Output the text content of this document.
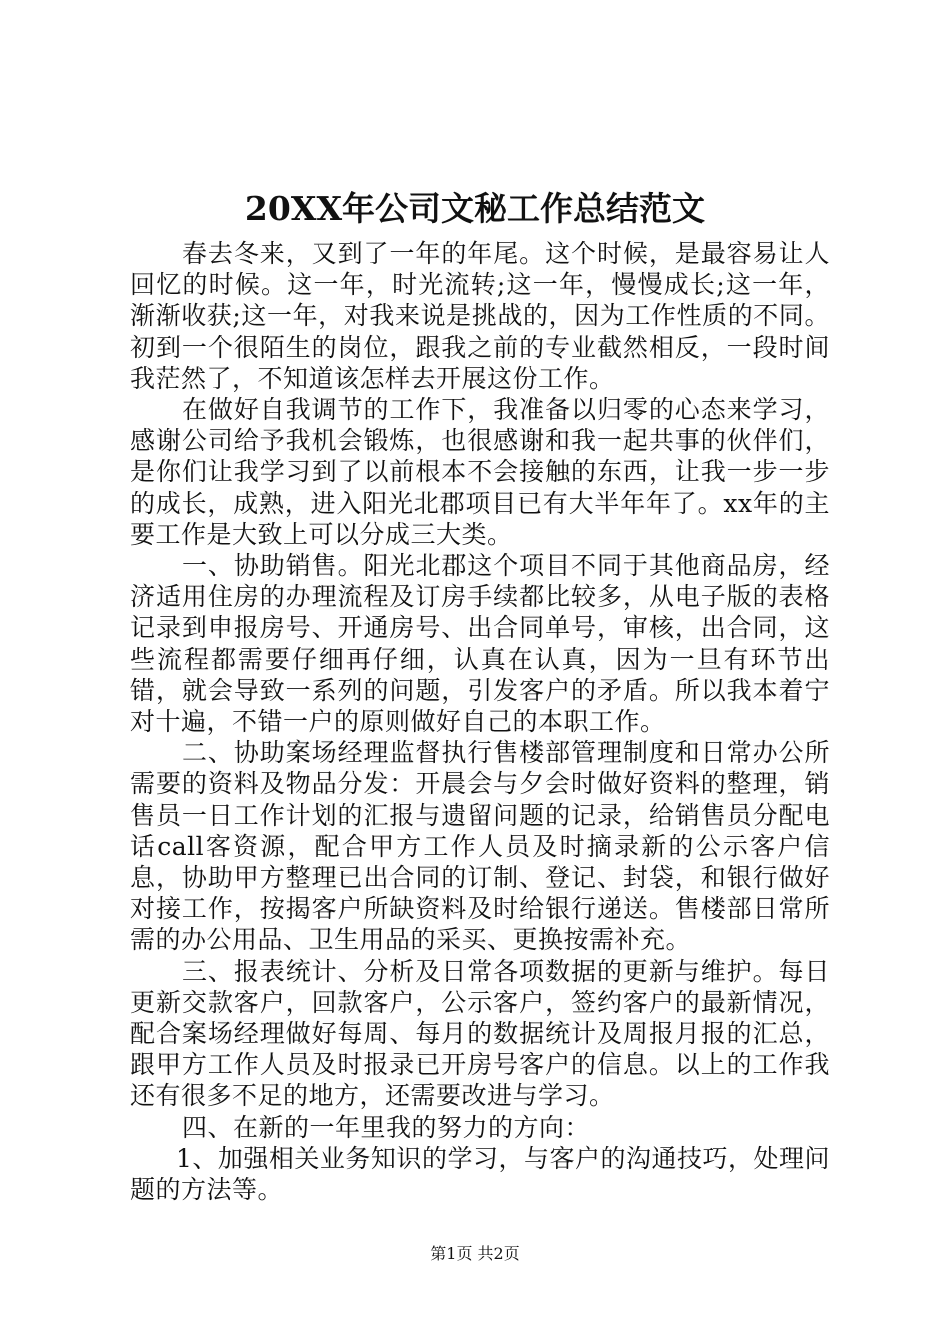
20XX年公司文秘工作总结范文

春去冬来，又到了一年的年尾。这个时候，是最容易让人回忆的时候。这一年，时光流转;这一年，慢慢成长;这一年，渐渐收获;这一年，对我来说是挑战的，因为工作性质的不同。初到一个很陌生的岗位，跟我之前的专业截然相反，一段时间我茫然了，不知道该怎样去开展这份工作。

在做好自我调节的工作下，我准备以归零的心态来学习，感谢公司给予我机会锻炼，也很感谢和我一起共事的伙伴们，是你们让我学习到了以前根本不会接触的东西，让我一步一步的成长，成熟，进入阳光北郡项目已有大半年年了。xx年的主要工作是大致上可以分成三大类。

一、协助销售。阳光北郡这个项目不同于其他商品房，经济适用住房的办理流程及订房手续都比较多，从电子版的表格记录到申报房号、开通房号、出合同单号，审核，出合同，这些流程都需要仔细再仔细，认真在认真，因为一旦有环节出错，就会导致一系列的问题，引发客户的矛盾。所以我本着宁对十遍，不错一户的原则做好自己的本职工作。

二、协助案场经理监督执行售楼部管理制度和日常办公所需要的资料及物品分发：开晨会与夕会时做好资料的整理，销售员一日工作计划的汇报与遗留问题的记录，给销售员分配电话call客资源，配合甲方工作人员及时摘录新的公示客户信息，协助甲方整理已出合同的订制、登记、封袋，和银行做好对接工作，按揭客户所缺资料及时给银行递送。售楼部日常所需的办公用品、卫生用品的采买、更换按需补充。

三、报表统计、分析及日常各项数据的更新与维护。每日更新交款客户，回款客户，公示客户，签约客户的最新情况，配合案场经理做好每周、每月的数据统计及周报月报的汇总，跟甲方工作人员及时报录已开房号客户的信息。以上的工作我还有很多不足的地方，还需要改进与学习。

四、在新的一年里我的努力的方向：

1、加强相关业务知识的学习，与客户的沟通技巧，处理问题的方法等。

第1页 共2页
